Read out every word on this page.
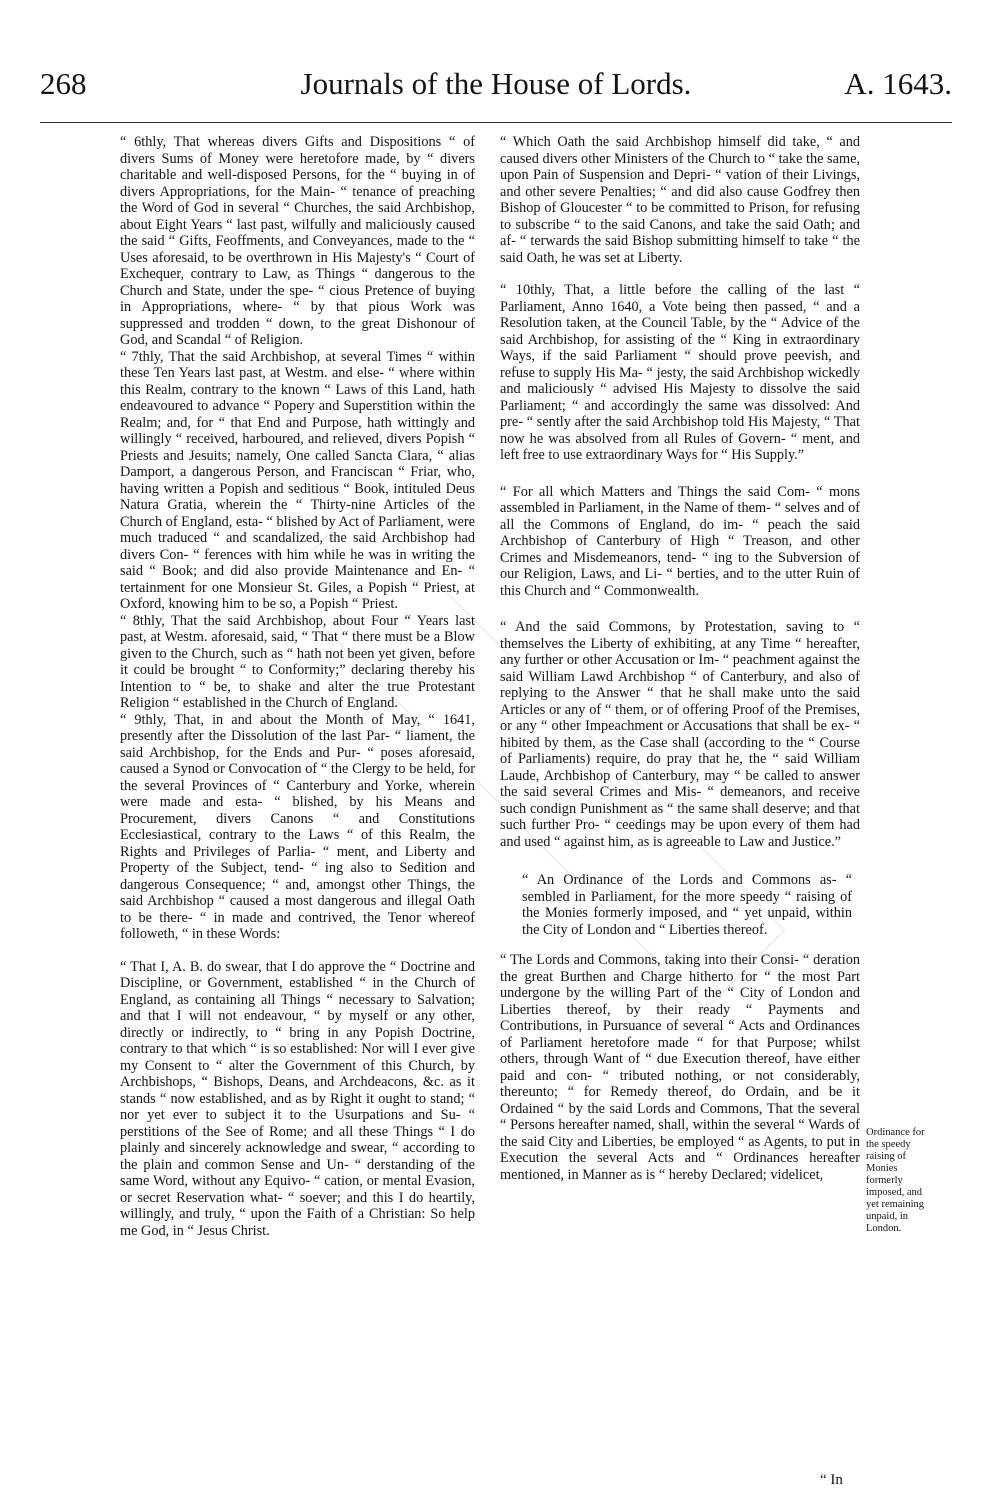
268	Journals of the House of Lords.	A. 1643.

“ 6thly, That whereas divers Gifts and Dispositions “ of divers Sums of Money were heretofore made, by “ divers charitable and well-disposed Persons, for the “ buying in of divers Appropriations, for the Main- “ tenance of preaching the Word of God in several “ Churches, the said Archbishop, about Eight Years “ last past, wilfully and maliciously caused the said “ Gifts, Feoffments, and Conveyances, made to the “ Uses aforesaid, to be overthrown in His Majesty's “ Court of Exchequer, contrary to Law, as Things “ dangerous to the Church and State, under the spe- “ cious Pretence of buying in Appropriations, where- “ by that pious Work was suppressed and trodden “ down, to the great Dishonour of God, and Scandal “ of Religion.

“ 7thly, That the said Archbishop, at several Times “ within these Ten Years last past, at Westm. and else- “ where within this Realm, contrary to the known “ Laws of this Land, hath endeavoured to advance “ Popery and Superstition within the Realm; and, for “ that End and Purpose, hath wittingly and willingly “ received, harboured, and relieved, divers Popish “ Priests and Jesuits; namely, One called Sancta Clara, “ alias Damport, a dangerous Person, and Franciscan “ Friar, who, having written a Popish and seditious “ Book, intituled Deus Natura Gratia, wherein the “ Thirty-nine Articles of the Church of England, esta- “ blished by Act of Parliament, were much traduced “ and scandalized, the said Archbishop had divers Con- “ ferences with him while he was in writing the said “ Book; and did also provide Maintenance and En- “ tertainment for one Monsieur St. Giles, a Popish “ Priest, at Oxford, knowing him to be so, a Popish “ Priest.

“ 8thly, That the said Archbishop, about Four “ Years last past, at Westm. aforesaid, said, “ That “ there must be a Blow given to the Church, such as “ hath not been yet given, before it could be brought “ to Conformity;” declaring thereby his Intention to “ be, to shake and alter the true Protestant Religion “ established in the Church of England.

“ 9thly, That, in and about the Month of May, “ 1641, presently after the Dissolution of the last Par- “ liament, the said Archbishop, for the Ends and Pur- “ poses aforesaid, caused a Synod or Convocation of “ the Clergy to be held, for the several Provinces of “ Canterbury and Yorke, wherein were made and esta- “ blished, by his Means and Procurement, divers Canons “ and Constitutions Ecclesiastical, contrary to the Laws “ of this Realm, the Rights and Privileges of Parlia- “ ment, and Liberty and Property of the Subject, tend- “ ing also to Sedition and dangerous Consequence; “ and, amongst other Things, the said Archbishop “ caused a most dangerous and illegal Oath to be there- “ in made and contrived, the Tenor whereof followeth, “ in these Words:

“ That I, A. B. do swear, that I do approve the “ Doctrine and Discipline, or Government, established “ in the Church of England, as containing all Things “ necessary to Salvation; and that I will not endeavour, “ by myself or any other, directly or indirectly, to “ bring in any Popish Doctrine, contrary to that which “ is so established: Nor will I ever give my Consent to “ alter the Government of this Church, by Archbishops, “ Bishops, Deans, and Archdeacons, &c. as it stands “ now established, and as by Right it ought to stand; “ nor yet ever to subject it to the Usurpations and Su- “ perstitions of the See of Rome; and all these Things “ I do plainly and sincerely acknowledge and swear, “ according to the plain and common Sense and Un- “ derstanding of the same Word, without any Equivo- “ cation, or mental Evasion, or secret Reservation what- “ soever; and this I do heartily, willingly, and truly, “ upon the Faith of a Christian: So help me God, in “ Jesus Christ.

“ Which Oath the said Archbishop himself did take, “ and caused divers other Ministers of the Church to “ take the same, upon Pain of Suspension and Depri- “ vation of their Livings, and other severe Penalties; “ and did also cause Godfrey then Bishop of Gloucester “ to be committed to Prison, for refusing to subscribe “ to the said Canons, and take the said Oath; and af- “ terwards the said Bishop submitting himself to take “ the said Oath, he was set at Liberty.

“ 10thly, That, a little before the calling of the last “ Parliament, Anno 1640, a Vote being then passed, “ and a Resolution taken, at the Council Table, by the “ Advice of the said Archbishop, for assisting of the “ King in extraordinary Ways, if the said Parliament “ should prove peevish, and refuse to supply His Ma- “ jesty, the said Archbishop wickedly and maliciously “ advised His Majesty to dissolve the said Parliament; “ and accordingly the same was dissolved: And pre- “ sently after the said Archbishop told His Majesty, “ That now he was absolved from all Rules of Govern- “ ment, and left free to use extraordinary Ways for “ His Supply.”

“ For all which Matters and Things the said Com- “ mons assembled in Parliament, in the Name of them- “ selves and of all the Commons of England, do im- “ peach the said Archbishop of Canterbury of High “ Treason, and other Crimes and Misdemeanors, tend- “ ing to the Subversion of our Religion, Laws, and Li- “ berties, and to the utter Ruin of this Church and “ Commonwealth.

“ And the said Commons, by Protestation, saving to “ themselves the Liberty of exhibiting, at any Time “ hereafter, any further or other Accusation or Im- “ peachment against the said William Lawd Archbishop “ of Canterbury, and also of replying to the Answer “ that he shall make unto the said Articles or any of “ them, or of offering Proof of the Premises, or any “ other Impeachment or Accusations that shall be ex- “ hibited by them, as the Case shall (according to the “ Course of Parliaments) require, do pray that he, the “ said William Laude, Archbishop of Canterbury, may “ be called to answer the said several Crimes and Mis- “ demeanors, and receive such condign Punishment as “ the same shall deserve; and that such further Pro- “ ceedings may be upon every of them had and used “ against him, as is agreeable to Law and Justice.”

“ An Ordinance of the Lords and Commons as- “ sembled in Parliament, for the more speedy “ raising of the Monies formerly imposed, and “ yet unpaid, within the City of London and “ Liberties thereof.

“ The Lords and Commons, taking into their Consi- “ deration the great Burthen and Charge hitherto for “ the most Part undergone by the willing Part of the “ City of London and Liberties thereof, by their ready “ Payments and Contributions, in Pursuance of several “ Acts and Ordinances of Parliament heretofore made “ for that Purpose; whilst others, through Want of “ due Execution thereof, have either paid and con- “ tributed nothing, or not considerably, thereunto; “ for Remedy thereof, do Ordain, and be it Ordained “ by the said Lords and Commons, That the several “ Persons hereafter named, shall, within the several “ Wards of the said City and Liberties, be employed “ as Agents, to put in Execution the several Acts and “ Ordinances hereafter mentioned, in Manner as is “ hereby Declared; videlicet,

Ordinance for the speedy raising of Monies formerly imposed, and yet remaining unpaid, in London.
“ In
